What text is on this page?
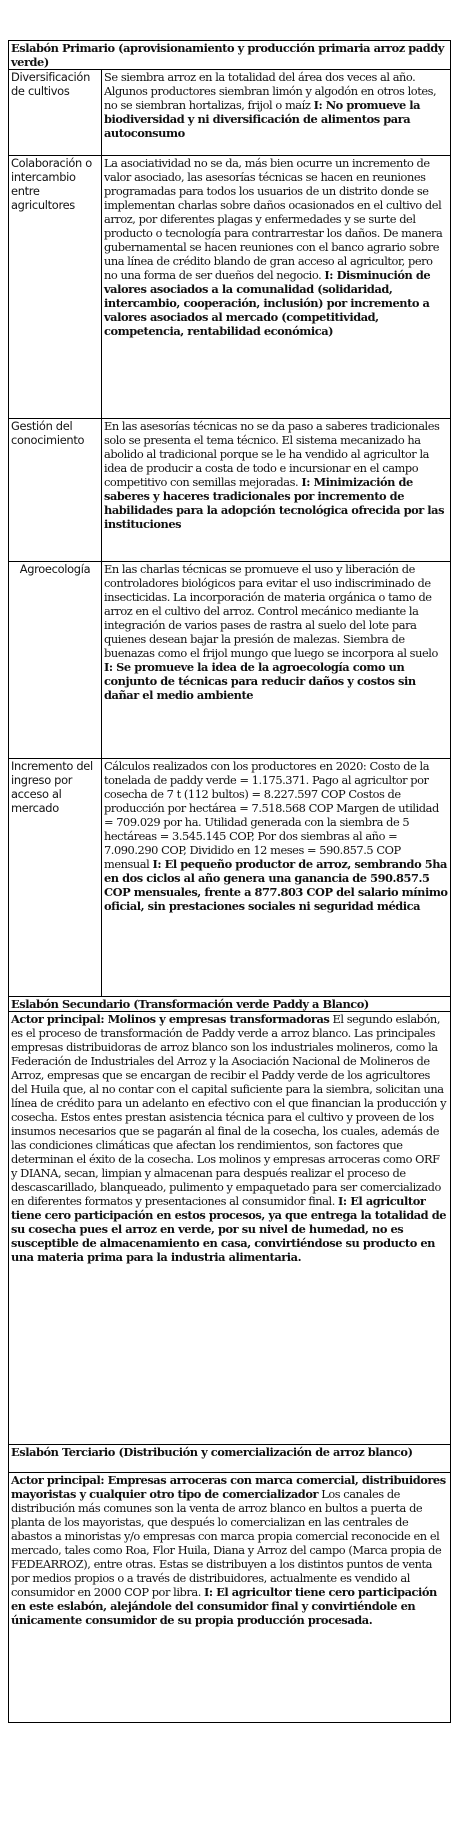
Eslabón Primario (aprovisionamiento y producción primaria arroz paddy verde)	
Diversificación de cultivos	Se siembra arroz en la totalidad del área dos veces al año. Algunos productores siembran limón y algodón en otros lotes, no se siembran hortalizas, frijol o maíz I: No promueve la biodiversidad y ni diversificación de alimentos para autoconsumo
Colaboración o intercambio entre agricultores	La asociatividad no se da, más bien ocurre un incremento de valor asociado, las asesorías técnicas se hacen en reuniones programadas para todos los usuarios de un distrito donde se implementan charlas sobre daños ocasionados en el cultivo del arroz, por diferentes plagas y enfermedades y se surte del producto o tecnología para contrarrestar los daños. De manera gubernamental se hacen reuniones con el banco agrario sobre una línea de crédito blando de gran acceso al agricultor, pero no una forma de ser dueños del negocio. I: Disminución de valores asociados a la comunalidad (solidaridad, intercambio, cooperación, inclusión) por incremento a valores asociados al mercado (competitividad, competencia, rentabilidad económica)
Gestión del conocimiento	En las asesorías técnicas no se da paso a saberes tradicionales solo se presenta el tema técnico. El sistema mecanizado ha abolido al tradicional porque se le ha vendido al agricultor la idea de producir a costa de todo e incursionar en el campo competitivo con semillas mejoradas. I: Minimización de saberes y haceres tradicionales por incremento de habilidades para la adopción tecnológica ofrecida por las instituciones
Agroecología	En las charlas técnicas se promueve el uso y liberación de controladores biológicos para evitar el uso indiscriminado de insecticidas. La incorporación de materia orgánica o tamo de arroz en el cultivo del arroz. Control mecánico mediante la integración de varios pases de rastra al suelo del lote para quienes desean bajar la presión de malezas. Siembra de buenazas como el frijol mungo que luego se incorpora al suelo I: Se promueve la idea de la agroecología como un conjunto de técnicas para reducir daños y costos sin dañar el medio ambiente
Incremento del ingreso por acceso al mercado	Cálculos realizados con los productores en 2020: Costo de la tonelada de paddy verde = 1.175.371. Pago al agricultor por cosecha de 7 t (112 bultos) = 8.227.597 COP Costos de producción por hectárea = 7.518.568 COP Margen de utilidad = 709.029 por ha. Utilidad generada con la siembra de 5 hectáreas = 3.545.145 COP, Por dos siembras al año = 7.090.290 COP, Dividido en 12 meses = 590.857.5 COP mensual I: El pequeño productor de arroz, sembrando 5ha en dos ciclos al año genera una ganancia de 590.857.5 COP mensuales, frente a 877.803 COP del salario mínimo oficial, sin prestaciones sociales ni seguridad médica
Eslabón Secundario (Transformación verde Paddy a Blanco)	
Actor principal: Molinos y empresas transformadoras El segundo eslabón, es el proceso de transformación de Paddy verde a arroz blanco. Las principales empresas distribuidoras de arroz blanco son los industriales molineros, como la Federación de Industriales del Arroz y la Asociación Nacional de Molineros de Arroz, empresas que se encargan de recibir el Paddy verde de los agricultores del Huila que, al no contar con el capital suficiente para la siembra, solicitan una línea de crédito para un adelanto en efectivo con el que financian la producción y cosecha. Estos entes prestan asistencia técnica para el cultivo y proveen de los insumos necesarios que se pagarán al final de la cosecha, los cuales, además de las condiciones climáticas que afectan los rendimientos, son factores que determinan el éxito de la cosecha. Los molinos y empresas arroceras como ORF y DIANA, secan, limpian y almacenan para después realizar el proceso de descascarillado, blanqueado, pulimento y empaquetado para ser comercializado en diferentes formatos y presentaciones al consumidor final. I: El agricultor tiene cero participación en estos procesos, ya que entrega la totalidad de su cosecha pues el arroz en verde, por su nivel de humedad, no es susceptible de almacenamiento en casa, convirtiéndose su producto en una materia prima para la industria alimentaria.	
Eslabón Terciario (Distribución y comercialización de arroz blanco)	
Actor principal: Empresas arroceras con marca comercial, distribuidores mayoristas y cualquier otro tipo de comercializador Los canales de distribución más comunes son la venta de arroz blanco en bultos a puerta de planta de los mayoristas, que después lo comercializan en las centrales de abastos a minoristas y/o empresas con marca propia comercial reconocide en el mercado, tales como Roa, Flor Huila, Diana y Arroz del campo (Marca propia de FEDEARROZ), entre otras. Estas se distribuyen a los distintos puntos de venta por medios propios o a través de distribuidores, actualmente es vendido al consumidor en 2000 COP por libra. I: El agricultor tiene cero participación en este eslabón, alejándole del consumidor final y convirtiéndole en únicamente consumidor de su propia producción procesada.	
